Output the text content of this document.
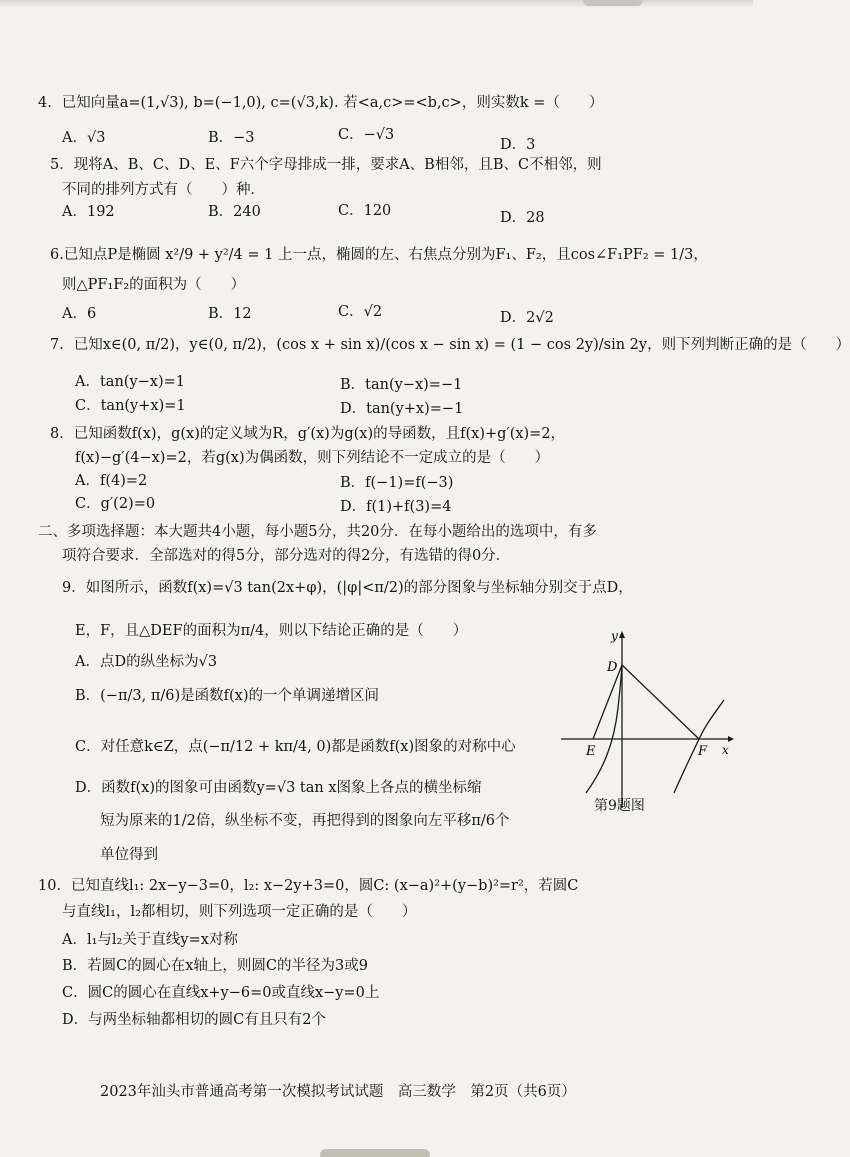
4．已知向量a=(1,√3), b=(−1,0), c=(√3,k). 若<a,c>=<b,c>，则实数k =（　　）
A．√3	B．−3	C．−√3
D．3
5．现将A、B、C、D、E、F六个字母排成一排，要求A、B相邻，且B、C不相邻，则
不同的排列方式有（　　）种．
A．192	B．240	C．120	D．28
6.已知点P是椭圆 x²/9 + y²/4 = 1 上一点，椭圆的左、右焦点分别为F₁、F₂，且cos∠F₁PF₂ = 1/3，
则△PF₁F₂的面积为（　　）
A．6	B．12	C．√2	D．2√2
7．已知x∈(0, π/2)，y∈(0, π/2)，(cos x + sin x)/(cos x − sin x) = (1 − cos 2y)/sin 2y，则下列判断正确的是（　　）
A．tan(y−x)=1	B．tan(y−x)=−1
C．tan(y+x)=1	D．tan(y+x)=−1
8．已知函数f(x)，g(x)的定义域为R，g′(x)为g(x)的导函数，且f(x)+g′(x)=2，
f(x)−g′(4−x)=2，若g(x)为偶函数，则下列结论不一定成立的是（　　）
A．f(4)=2	B．f(−1)=f(−3)
C．g′(2)=0	D．f(1)+f(3)=4
二、多项选择题：本大题共4小题，每小题5分，共20分．在每小题给出的选项中，有多
项符合要求．全部选对的得5分，部分选对的得2分，有选错的得0分．
9．如图所示，函数f(x)=√3 tan(2x+φ)，(|φ|<π/2)的部分图象与坐标轴分别交于点D，
E，F，且△DEF的面积为π/4，则以下结论正确的是（　　）
A．点D的纵坐标为√3
B．(−π/3, π/6)是函数f(x)的一个单调递增区间
C．对任意k∈Z，点(−π/12 + kπ/4, 0)都是函数f(x)图象的对称中心
D．函数f(x)的图象可由函数y=√3 tan x图象上各点的横坐标缩
短为原来的1/2倍，纵坐标不变，再把得到的图象向左平移π/6个
单位得到
D
E	F
y
x
第9题图
10．已知直线l₁: 2x−y−3=0，l₂: x−2y+3=0，圆C: (x−a)²+(y−b)²=r²，若圆C
与直线l₁，l₂都相切，则下列选项一定正确的是（　　）
A．l₁与l₂关于直线y=x对称
B．若圆C的圆心在x轴上，则圆C的半径为3或9
C．圆C的圆心在直线x+y−6=0或直线x−y=0上
D．与两坐标轴都相切的圆C有且只有2个
2023年汕头市普通高考第一次模拟考试试题　高三数学　第2页（共6页）
